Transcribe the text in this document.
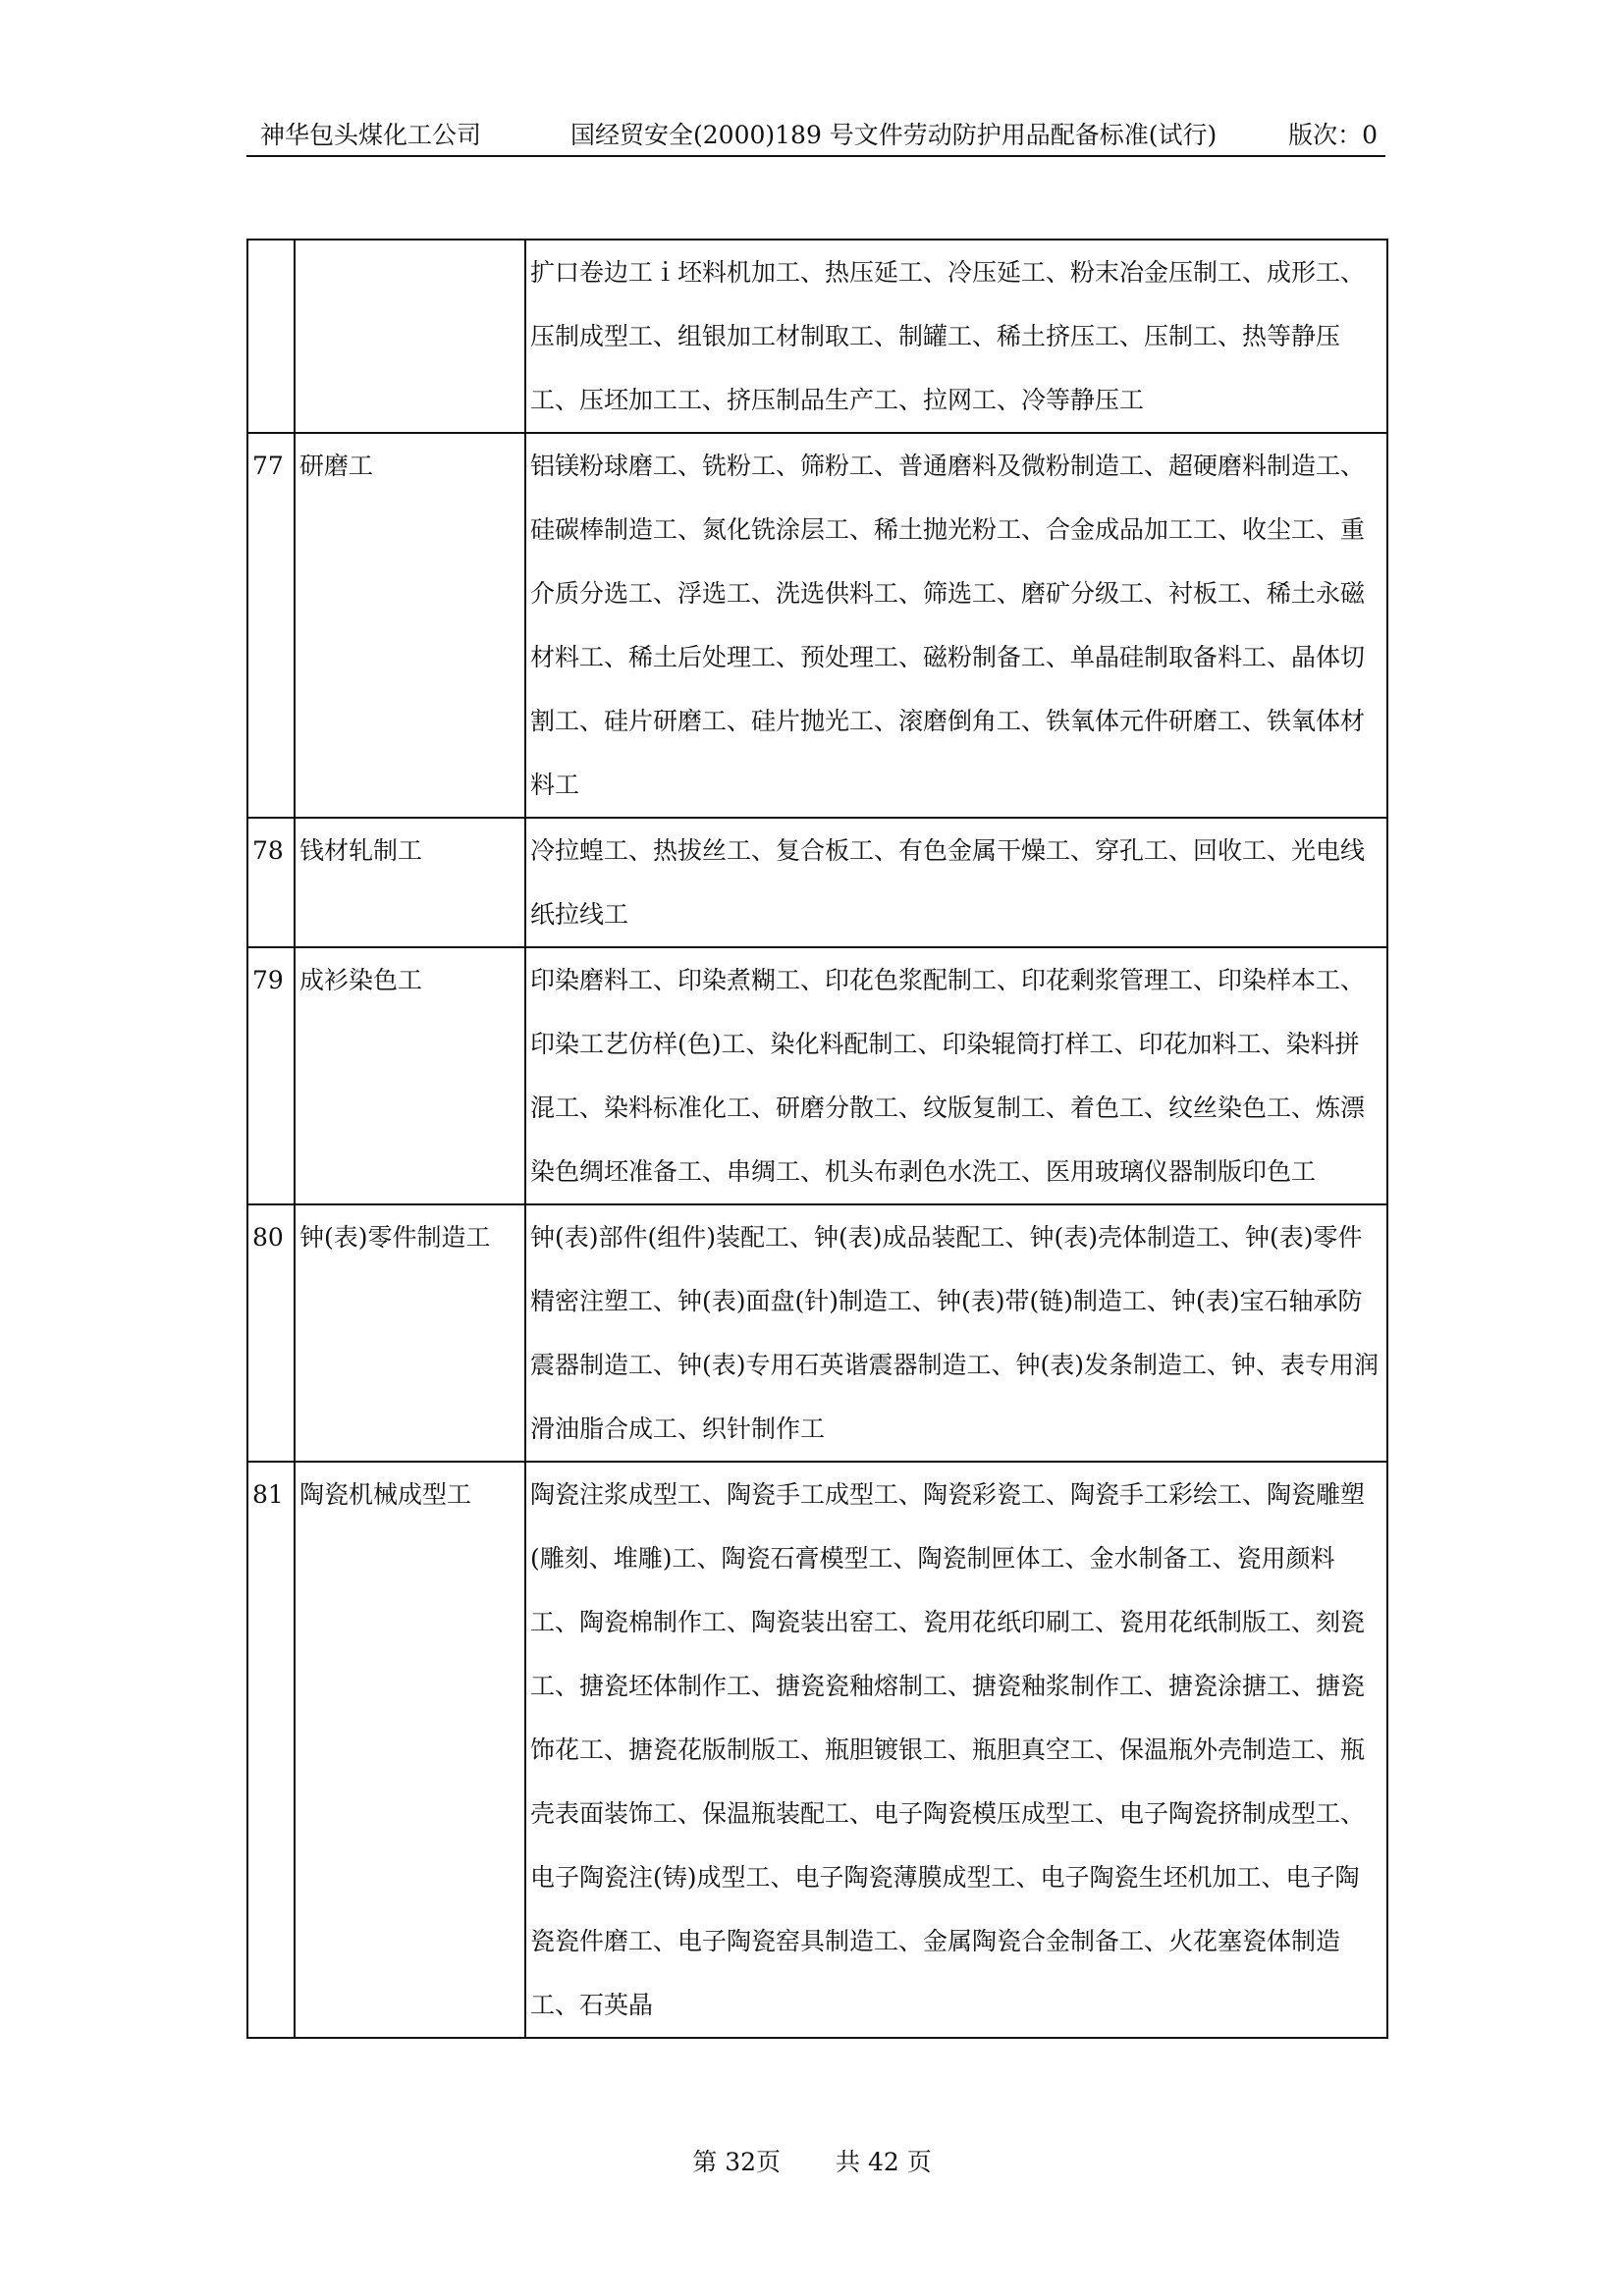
神华包头煤化工公司	国经贸安全(2000)189 号文件劳动防护用品配备标准(试行)	版次：0
		扩口卷边工ｉ坯料机加工、热压延工、冷压延工、粉末冶金压制工、成形工、压制成型工、组银加工材制取工、制罐工、稀土挤压工、压制工、热等静压工、压坯加工工、挤压制品生产工、拉网工、冷等静压工
77	研磨工	铝镁粉球磨工、铣粉工、筛粉工、普通磨料及微粉制造工、超硬磨料制造工、硅碳棒制造工、氮化铣涂层工、稀土抛光粉工、合金成品加工工、收尘工、重介质分选工、浮选工、洗选供料工、筛选工、磨矿分级工、衬板工、稀土永磁材料工、稀土后处理工、预处理工、磁粉制备工、单晶硅制取备料工、晶体切割工、硅片研磨工、硅片抛光工、滚磨倒角工、铁氧体元件研磨工、铁氧体材料工
78	钱材轧制工	冷拉蝗工、热拔丝工、复合板工、有色金属干燥工、穿孔工、回收工、光电线纸拉线工
79	成衫染色工	印染磨料工、印染煮糊工、印花色浆配制工、印花剩浆管理工、印染样本工、印染工艺仿样(色)工、染化料配制工、印染辊筒打样工、印花加料工、染料拼混工、染料标准化工、研磨分散工、纹版复制工、着色工、纹丝染色工、炼漂染色绸坯准备工、串绸工、机头布剥色水洗工、医用玻璃仪器制版印色工
80	钟(表)零件制造工	钟(表)部件(组件)装配工、钟(表)成品装配工、钟(表)壳体制造工、钟(表)零件精密注塑工、钟(表)面盘(针)制造工、钟(表)带(链)制造工、钟(表)宝石轴承防震器制造工、钟(表)专用石英谐震器制造工、钟(表)发条制造工、钟、表专用润滑油脂合成工、织针制作工
81	陶瓷机械成型工	陶瓷注浆成型工、陶瓷手工成型工、陶瓷彩瓷工、陶瓷手工彩绘工、陶瓷雕塑(雕刻、堆雕)工、陶瓷石膏模型工、陶瓷制匣体工、金水制备工、瓷用颜料工、陶瓷棉制作工、陶瓷装出窑工、瓷用花纸印刷工、瓷用花纸制版工、刻瓷工、搪瓷坯体制作工、搪瓷瓷釉熔制工、搪瓷釉浆制作工、搪瓷涂搪工、搪瓷饰花工、搪瓷花版制版工、瓶胆镀银工、瓶胆真空工、保温瓶外壳制造工、瓶壳表面装饰工、保温瓶装配工、电子陶瓷模压成型工、电子陶瓷挤制成型工、电子陶瓷注(铸)成型工、电子陶瓷薄膜成型工、电子陶瓷生坯机加工、电子陶瓷瓷件磨工、电子陶瓷窑具制造工、金属陶瓷合金制备工、火花塞瓷体制造工、石英晶
第 32页 共 42 页
